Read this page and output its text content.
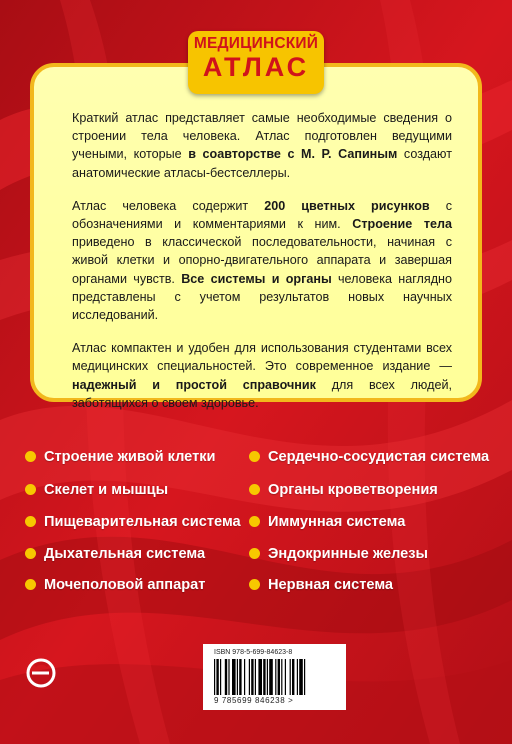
МЕДИЦИНСКИЙ
АТЛАС

Краткий атлас представляет самые необходимые сведения о строении тела человека. Атлас подготовлен ведущими учеными, которые в соавторстве с М. Р. Сапиным создают анатомические атласы-бестселлеры.

Атлас человека содержит 200 цветных рисунков с обозначениями и комментариями к ним. Строение тела приведено в классической последовательности, начиная с живой клетки и опорно-двигательного аппарата и завершая органами чувств. Все системы и органы человека наглядно представлены с учетом результатов новых научных исследований.

Атлас компактен и удобен для использования студентами всех медицинских специальностей. Это современное издание — надежный и простой справочник для всех людей, заботящихся о своем здоровье.

Строение живой клетки
Скелет и мышцы
Пищеварительная система
Дыхательная система
Мочеполовой аппарат
Сердечно-сосудистая система
Органы кроветворения
Иммунная система
Эндокринные железы
Нервная система
ISBN 978-5-699-84623-8
9 785699 846238 >
